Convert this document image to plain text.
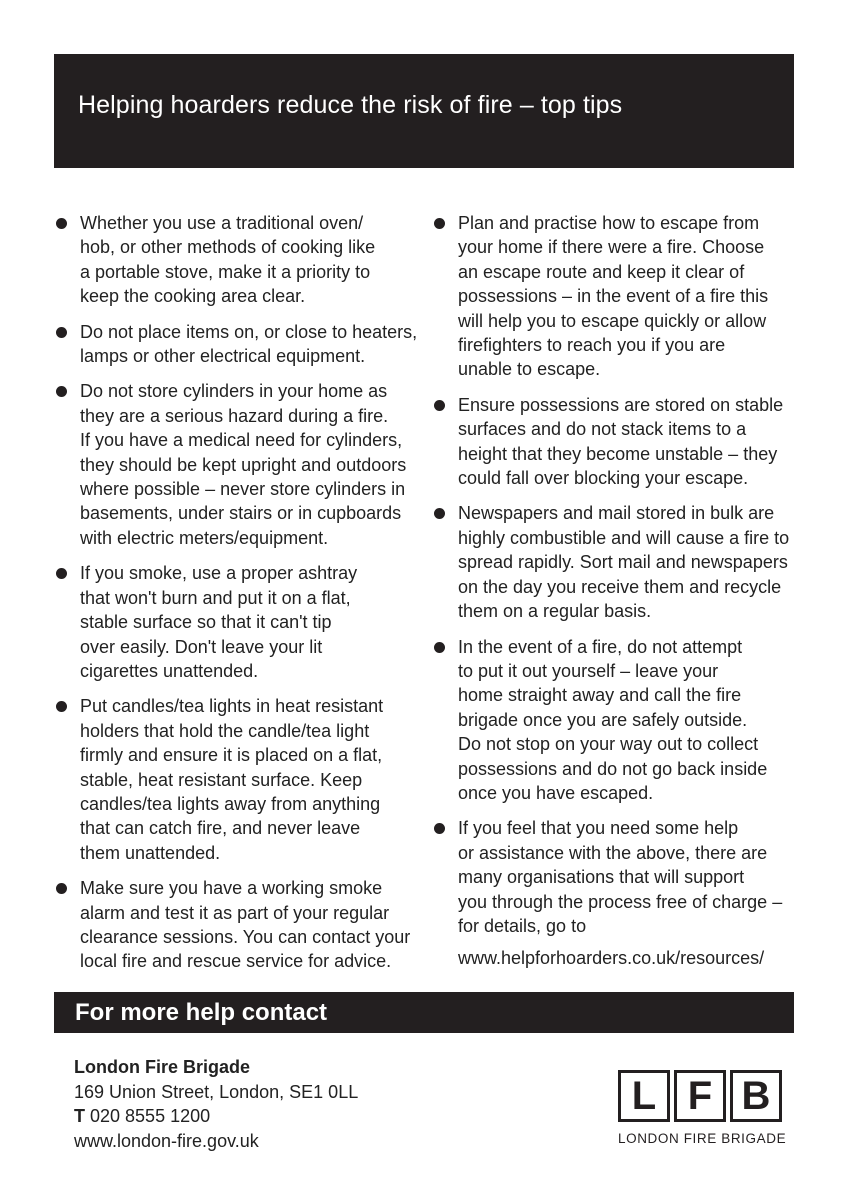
Helping hoarders reduce the risk of fire – top tips
Whether you use a traditional oven/
hob, or other methods of cooking like
a portable stove, make it a priority to
keep the cooking area clear.
Do not place items on, or close to heaters,
lamps or other electrical equipment.
Do not store cylinders in your home as
they are a serious hazard during a fire.
If you have a medical need for cylinders,
they should be kept upright and outdoors
where possible – never store cylinders in
basements, under stairs or in cupboards
with electric meters/equipment.
If you smoke, use a proper ashtray
that won't burn and put it on a flat,
stable surface so that it can't tip
over easily. Don't leave your lit
cigarettes unattended.
Put candles/tea lights in heat resistant
holders that hold the candle/tea light
firmly and ensure it is placed on a flat,
stable, heat resistant surface. Keep
candles/tea lights away from anything
that can catch fire, and never leave
them unattended.
Make sure you have a working smoke
alarm and test it as part of your regular
clearance sessions. You can contact your
local fire and rescue service for advice.
Plan and practise how to escape from
your home if there were a fire. Choose
an escape route and keep it clear of
possessions – in the event of a fire this
will help you to escape quickly or allow
firefighters to reach you if you are
unable to escape.
Ensure possessions are stored on stable
surfaces and do not stack items to a
height that they become unstable – they
could fall over blocking your escape.
Newspapers and mail stored in bulk are
highly combustible and will cause a fire to
spread rapidly. Sort mail and newspapers
on the day you receive them and recycle
them on a regular basis.
In the event of a fire, do not attempt
to put it out yourself – leave your
home straight away and call the fire
brigade once you are safely outside.
Do not stop on your way out to collect
possessions and do not go back inside
once you have escaped.
If you feel that you need some help
or assistance with the above, there are
many organisations that will support
you through the process free of charge –
for details, go to
www.helpforhoarders.co.uk/resources/
For more help contact
London Fire Brigade
169 Union Street, London, SE1 0LL
T 020 8555 1200
www.london-fire.gov.uk
L F B
LONDON FIRE BRIGADE
